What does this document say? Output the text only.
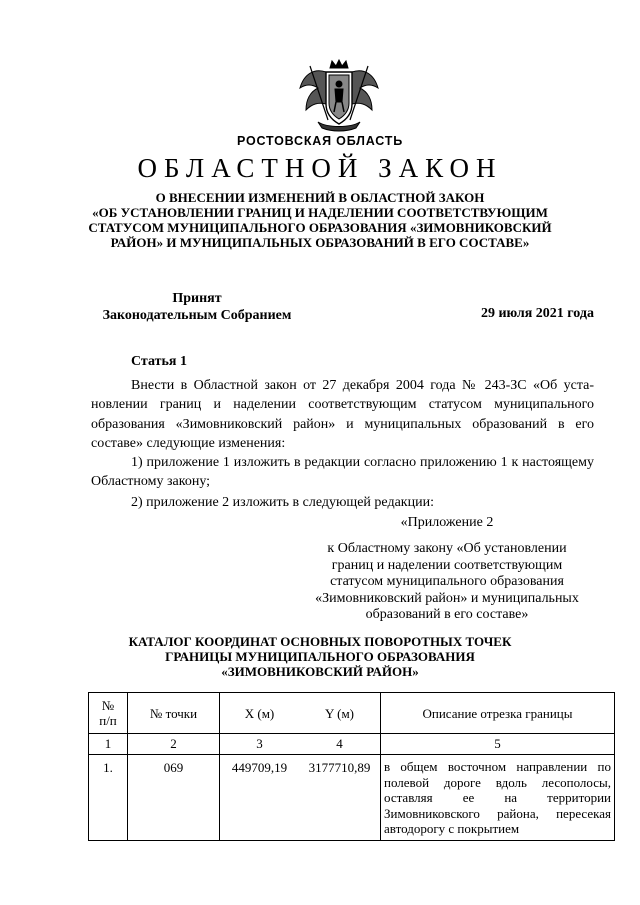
РОСТОВСКАЯ ОБЛАСТЬ
ОБЛАСТНОЙ ЗАКОН
О ВНЕСЕНИИ ИЗМЕНЕНИЙ В ОБЛАСТНОЙ ЗАКОН
«ОБ УСТАНОВЛЕНИИ ГРАНИЦ И НАДЕЛЕНИИ СООТВЕТСТВУЮЩИМ
СТАТУСОМ МУНИЦИПАЛЬНОГО ОБРАЗОВАНИЯ «ЗИМОВНИКОВСКИЙ
РАЙОН» И МУНИЦИПАЛЬНЫХ ОБРАЗОВАНИЙ В ЕГО СОСТАВЕ»
Принят
Законодательным Собранием	29 июля 2021 года
Статья 1
Внести в Областной закон от 27 декабря 2004 года № 243-ЗС «Об установлении границ и наделении соответствующим статусом муниципального образования «Зимовниковский район» и муниципальных образований в его составе» следующие изменения:
1) приложение 1 изложить в редакции согласно приложению 1 к настоящему Областному закону;
2) приложение 2 изложить в следующей редакции:
«Приложение 2
к Областному закону «Об установлении
границ и наделении соответствующим
статусом муниципального образования
«Зимовниковский район» и муниципальных
образований в его составе»
КАТАЛОГ КООРДИНАТ ОСНОВНЫХ ПОВОРОТНЫХ ТОЧЕК
ГРАНИЦЫ МУНИЦИПАЛЬНОГО ОБРАЗОВАНИЯ
«ЗИМОВНИКОВСКИЙ РАЙОН»
№
п/п	№ точки	X (м)	Y (м)	Описание отрезка границы
1	2	3	4	5
1.	069	449709,19	3177710,89	в общем восточном направлении по полевой дороге вдоль лесополосы, оставляя ее на территории Зимовниковского района, пересекая автодорогу с покрытием
